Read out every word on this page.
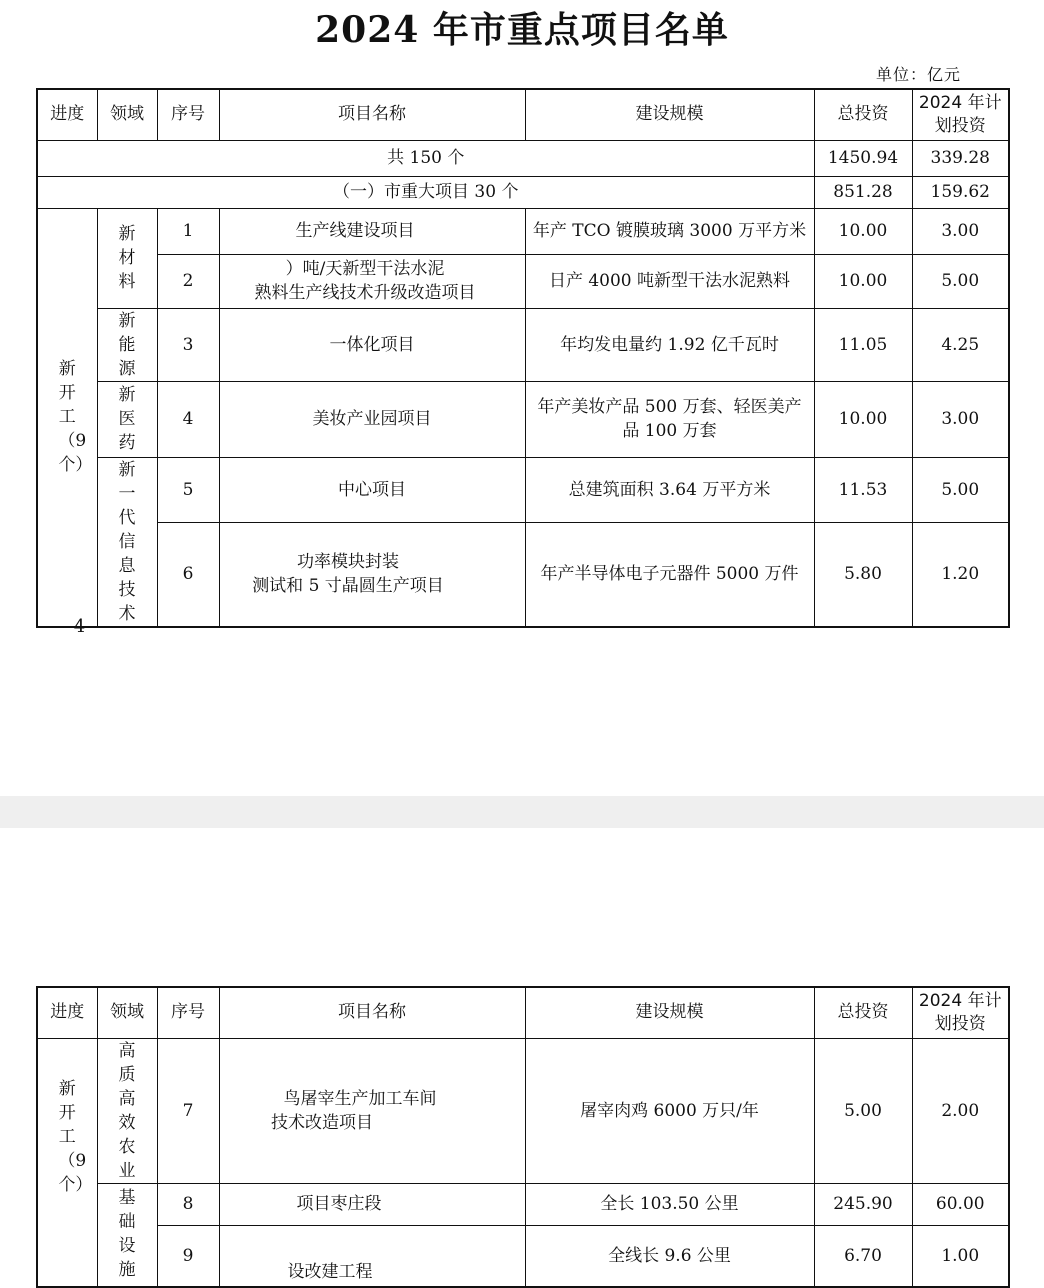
2024 年市重点项目名单
单位：亿元
进度	领域	序号	项目名称	建设规模	总投资	2024 年计划投资
共 150 个					1450.94	339.28
（一）市重大项目 30 个					851.28	159.62
新开工（9个）	新材料	1	生产线建设项目	年产 TCO 镀膜玻璃 3000 万平方米	10.00	3.00
		2	）吨/天新型干法水泥
熟料生产线技术升级改造项目	日产 4000 吨新型干法水泥熟料	10.00	5.00
	新能源	3	一体化项目	年均发电量约 1.92 亿千瓦时	11.05	4.25
	新医药	4	美妆产业园项目	年产美妆产品 500 万套、轻医美产
品 100 万套	10.00	3.00
	新一代信息技术	5	中心项目	总建筑面积 3.64 万平方米	11.53	5.00
		6	功率模块封装
测试和 5 寸晶圆生产项目	年产半导体电子元器件 5000 万件	5.80	1.20
— 4 —
进度	领域	序号	项目名称	建设规模	总投资	2024 年计划投资
新开工（9个）	高质高效农业	7	鸟屠宰生产加工车间
技术改造项目	屠宰肉鸡 6000 万只/年	5.00	2.00
	基础设施	8	项目枣庄段	全长 103.50 公里	245.90	60.00
		9	设改建工程	全线长 9.6 公里	6.70	1.00
